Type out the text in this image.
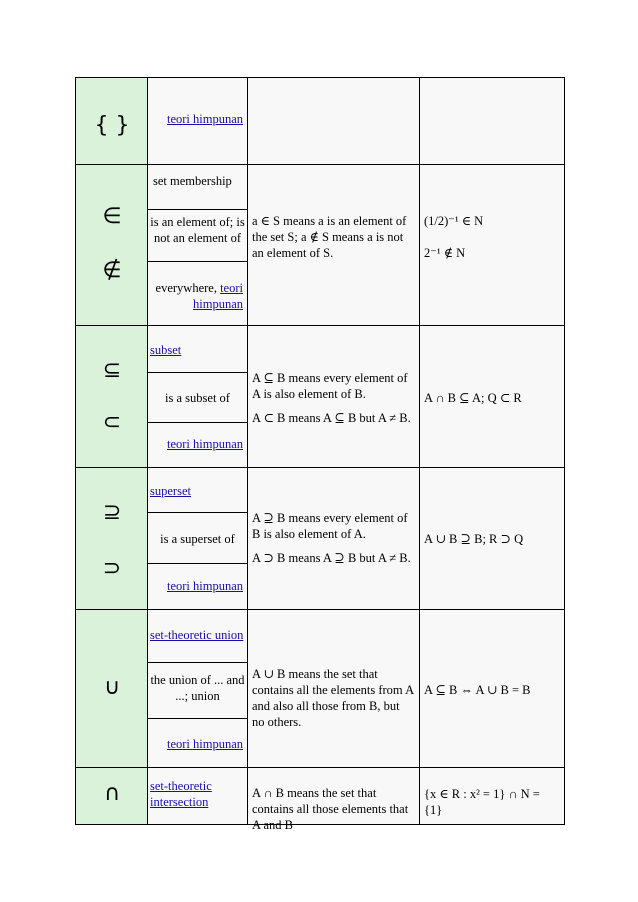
{ }	teori himpunan
∈
∉
set membership
is an element of; is not an element of
everywhere, teori himpunan
a ∈ S means a is an element of the set S; a ∉ S means a is not an element of S.
(1/2)⁻¹ ∈ N
2⁻¹ ∉ N
⊆
⊂
subset
is a subset of
teori himpunan
A ⊆ B means every element of A is also element of B.
A ⊂ B means A ⊆ B but A ≠ B.
A ∩ B ⊆ A; Q ⊂ R
⊇
⊃
superset
is a superset of
teori himpunan
A ⊇ B means every element of B is also element of A.
A ⊃ B means A ⊇ B but A ≠ B.
A ∪ B ⊇ B; R ⊃ Q
∪
set-theoretic union
the union of ... and ...; union
teori himpunan
A ∪ B means the set that contains all the elements from A and also all those from B, but no others.
A ⊆ B ⇔ A ∪ B = B
∩	set-theoretic intersection
A ∩ B means the set that contains all those elements that A and B
{x ∈ R : x² = 1} ∩ N = {1}
